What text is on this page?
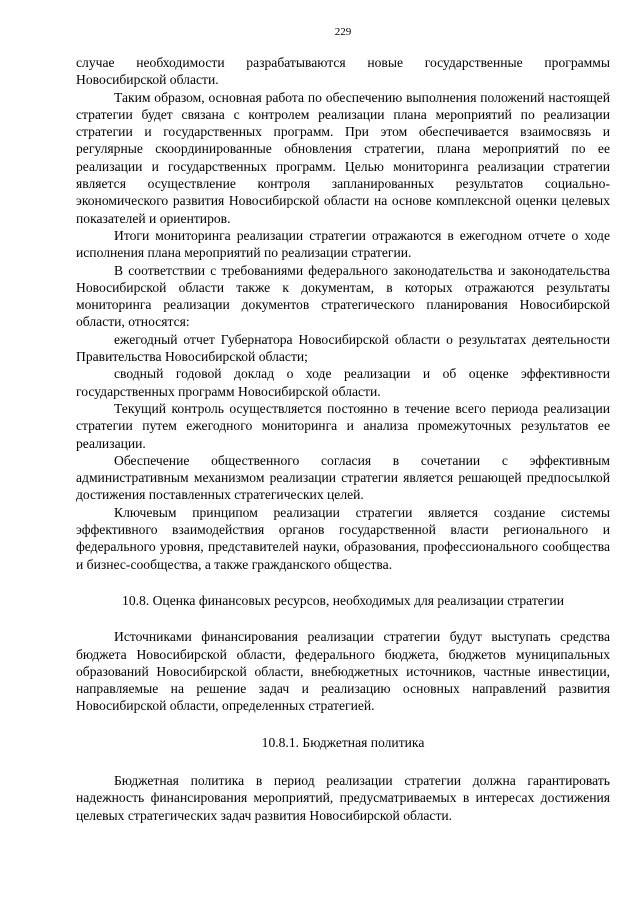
229

случае необходимости разрабатываются новые государственные программы Новосибирской области.

Таким образом, основная работа по обеспечению выполнения положений настоящей стратегии будет связана с контролем реализации плана мероприятий по реализации стратегии и государственных программ. При этом обеспечивается взаимосвязь и регулярные скоординированные обновления стратегии, плана мероприятий по ее реализации и государственных программ. Целью мониторинга реализации стратегии является осуществление контроля запланированных результатов социально-экономического развития Новосибирской области на основе комплексной оценки целевых показателей и ориентиров.

Итоги мониторинга реализации стратегии отражаются в ежегодном отчете о ходе исполнения плана мероприятий по реализации стратегии.

В соответствии с требованиями федерального законодательства и законодательства Новосибирской области также к документам, в которых отражаются результаты мониторинга реализации документов стратегического планирования Новосибирской области, относятся:

ежегодный отчет Губернатора Новосибирской области о результатах деятельности Правительства Новосибирской области;

сводный годовой доклад о ходе реализации и об оценке эффективности государственных программ Новосибирской области.

Текущий контроль осуществляется постоянно в течение всего периода реализации стратегии путем ежегодного мониторинга и анализа промежуточных результатов ее реализации.

Обеспечение общественного согласия в сочетании с эффективным административным механизмом реализации стратегии является решающей предпосылкой достижения поставленных стратегических целей.

Ключевым принципом реализации стратегии является создание системы эффективного взаимодействия органов государственной власти регионального и федерального уровня, представителей науки, образования, профессионального сообщества и бизнес-сообщества, а также гражданского общества.

10.8. Оценка финансовых ресурсов, необходимых для реализации стратегии

Источниками финансирования реализации стратегии будут выступать средства бюджета Новосибирской области, федерального бюджета, бюджетов муниципальных образований Новосибирской области, внебюджетных источников, частные инвестиции, направляемые на решение задач и реализацию основных направлений развития Новосибирской области, определенных стратегией.

10.8.1. Бюджетная политика

Бюджетная политика в период реализации стратегии должна гарантировать надежность финансирования мероприятий, предусматриваемых в интересах достижения целевых стратегических задач развития Новосибирской области.
